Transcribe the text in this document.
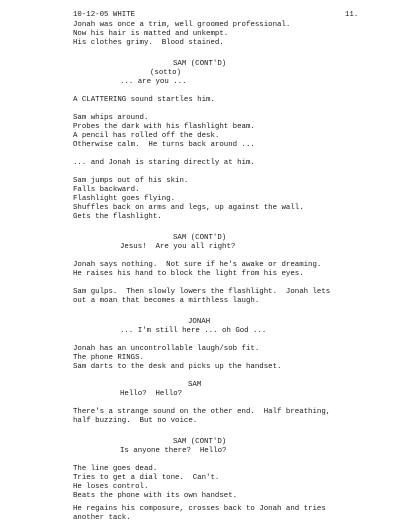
10-12-05 WHITE	11.
Jonah was once a trim, well groomed professional.
Now his hair is matted and unkempt.
His clothes grimy.  Blood stained.
SAM (CONT'D)
(sotto)
... are you ...
A CLATTERING sound startles him.
Sam whips around.
Probes the dark with his flashlight beam.
A pencil has rolled off the desk.
Otherwise calm.  He turns back around ...
... and Jonah is staring directly at him.
Sam jumps out of his skin.
Falls backward.
Flashlight goes flying.
Shuffles back on arms and legs, up against the wall.
Gets the flashlight.
SAM (CONT'D)
Jesus!  Are you all right?
Jonah says nothing.  Not sure if he's awake or dreaming.
He raises his hand to block the light from his eyes.
Sam gulps.  Then slowly lowers the flashlight.  Jonah lets
out a moan that becomes a mirthless laugh.
JONAH
... I'm still here ... oh God ...
Jonah has an uncontrollable laugh/sob fit.
The phone RINGS.
Sam darts to the desk and picks up the handset.
SAM
Hello?  Hello?
There's a strange sound on the other end.  Half breathing,
half buzzing.  But no voice.
SAM (CONT'D)
Is anyone there?  Hello?
The line goes dead.
Tries to get a dial tone.  Can't.
He loses control.
Beats the phone with its own handset.
He regains his composure, crosses back to Jonah and tries
another tack.
